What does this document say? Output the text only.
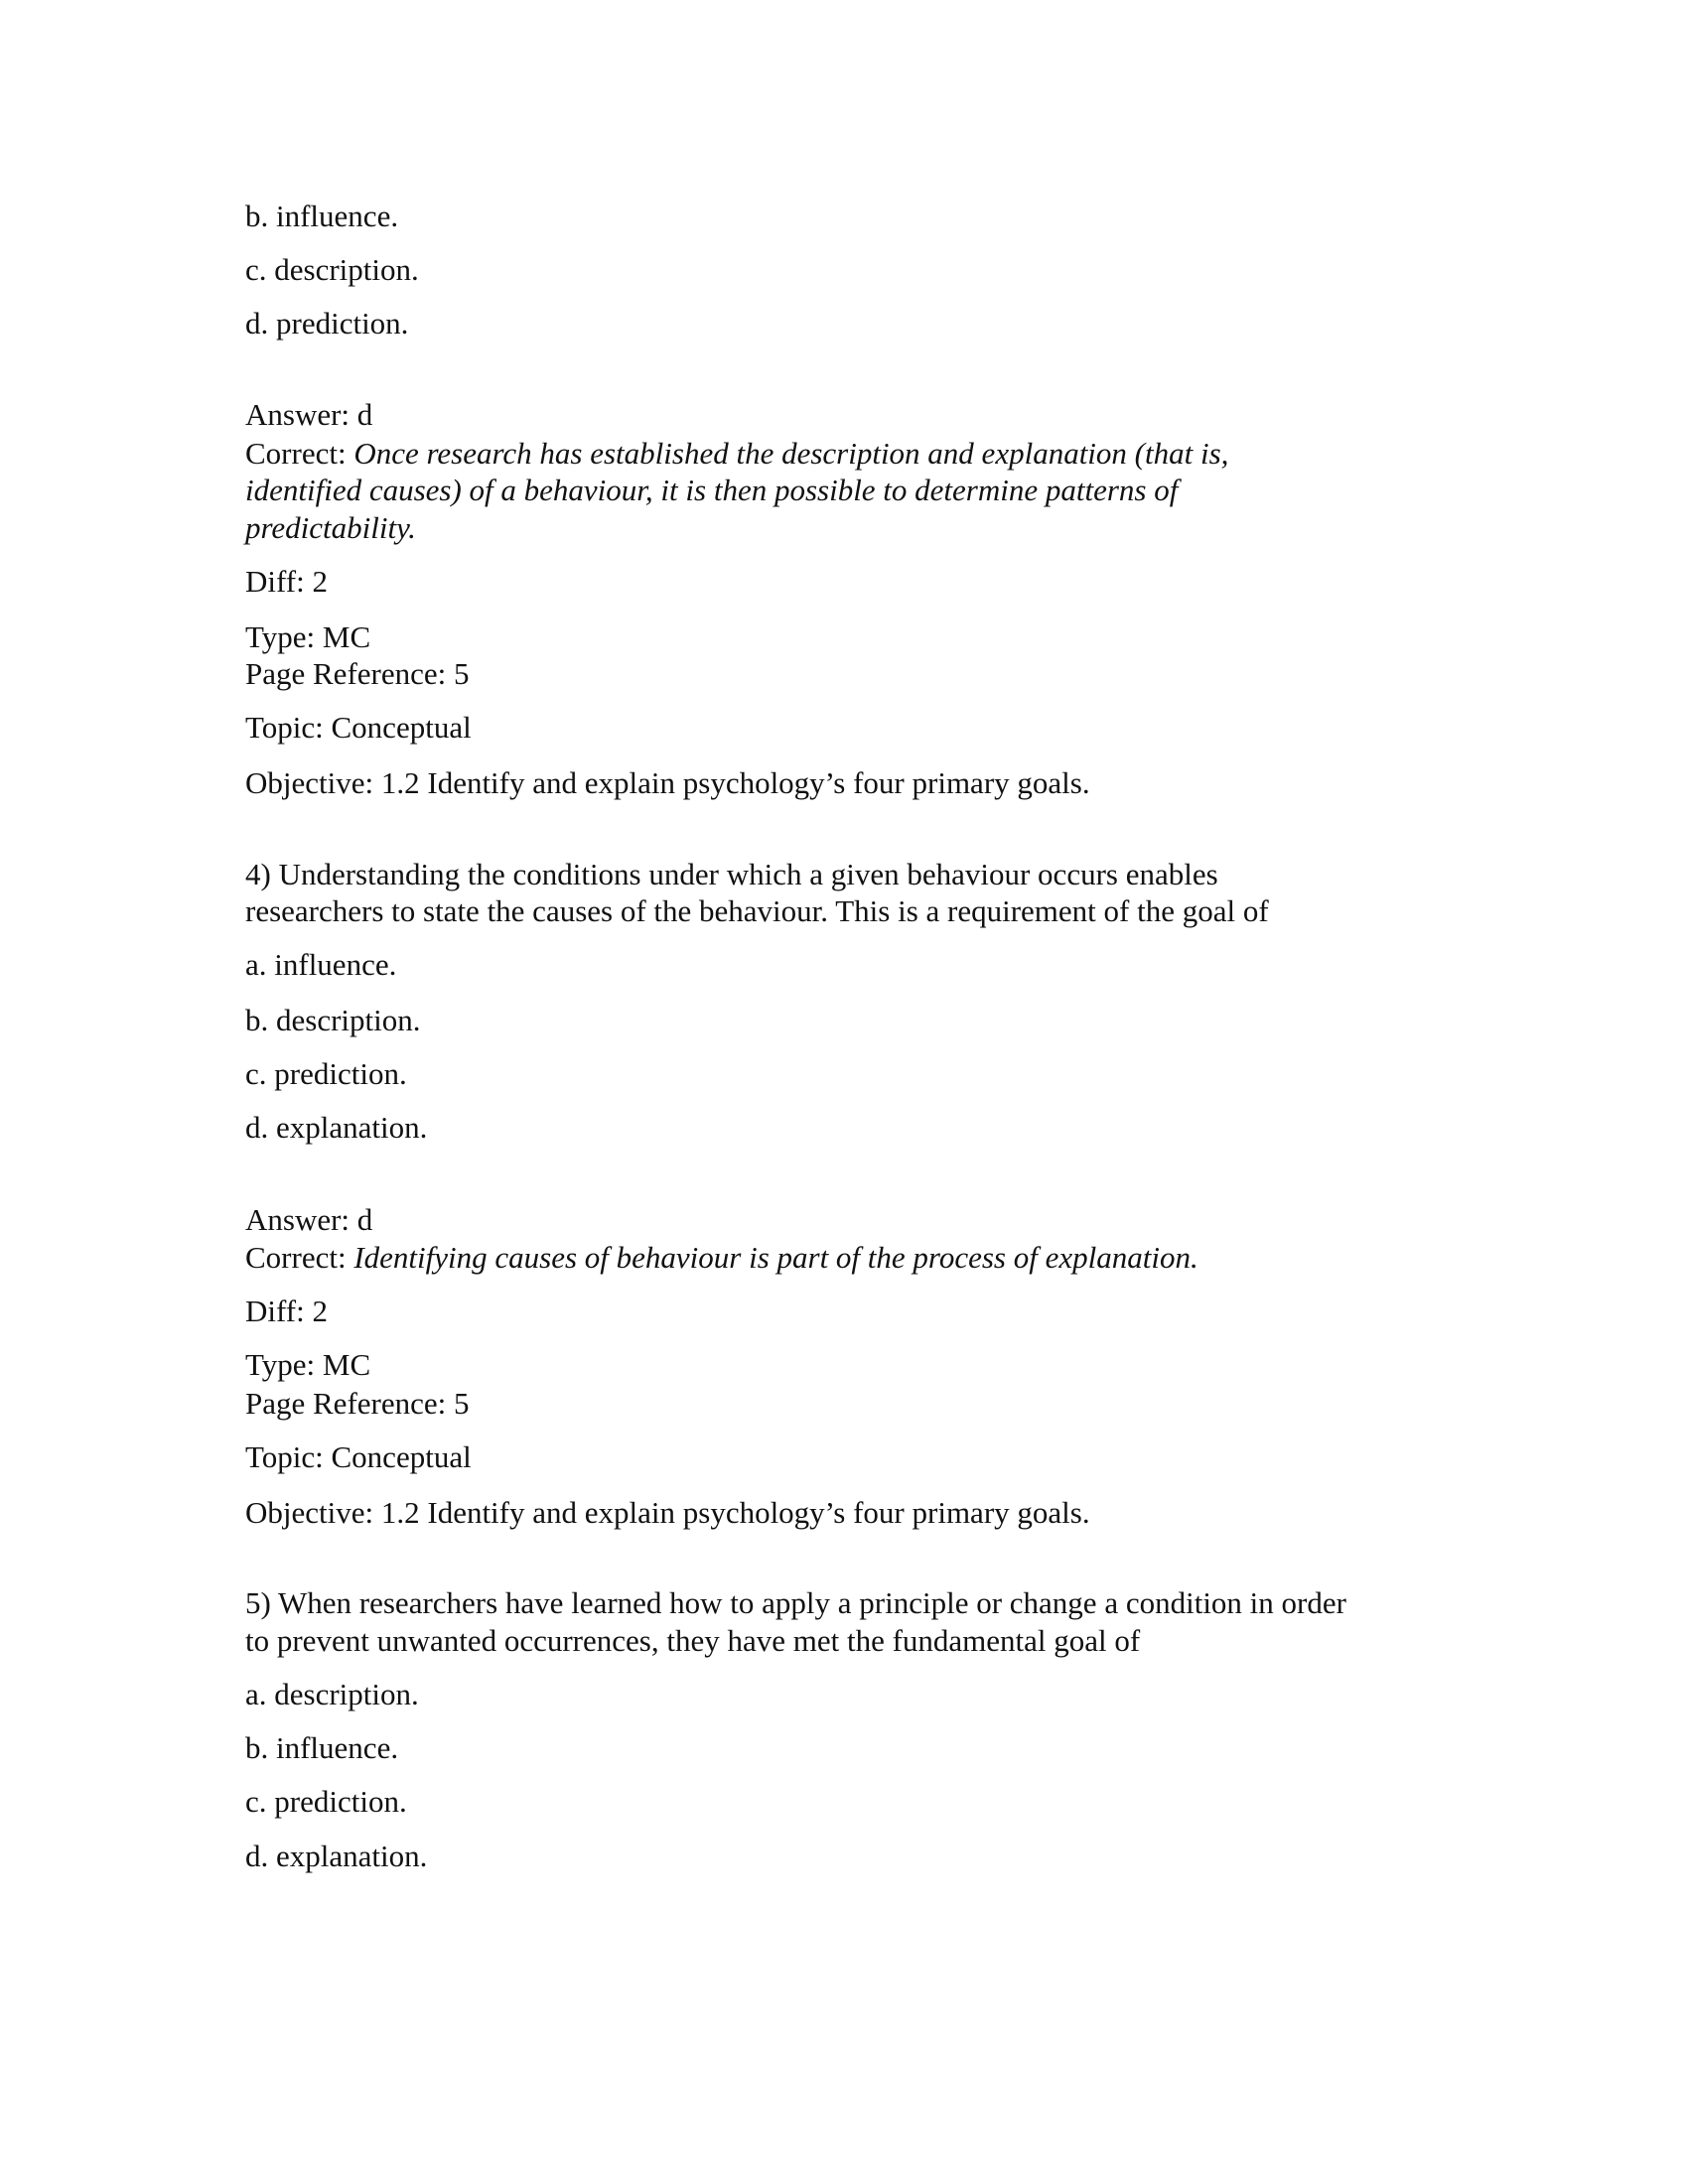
b. influence.
c. description.
d. prediction.
Answer: d
Correct: Once research has established the description and explanation (that is,
identified causes) of a behaviour, it is then possible to determine patterns of
predictability.
Diff: 2
Type: MC
Page Reference: 5
Topic: Conceptual
Objective: 1.2 Identify and explain psychology’s four primary goals.
4) Understanding the conditions under which a given behaviour occurs enables
researchers to state the causes of the behaviour. This is a requirement of the goal of
a. influence.
b. description.
c. prediction.
d. explanation.
Answer: d
Correct: Identifying causes of behaviour is part of the process of explanation.
Diff: 2
Type: MC
Page Reference: 5
Topic: Conceptual
Objective: 1.2 Identify and explain psychology’s four primary goals.
5) When researchers have learned how to apply a principle or change a condition in order
to prevent unwanted occurrences, they have met the fundamental goal of
a. description.
b. influence.
c. prediction.
d. explanation.
